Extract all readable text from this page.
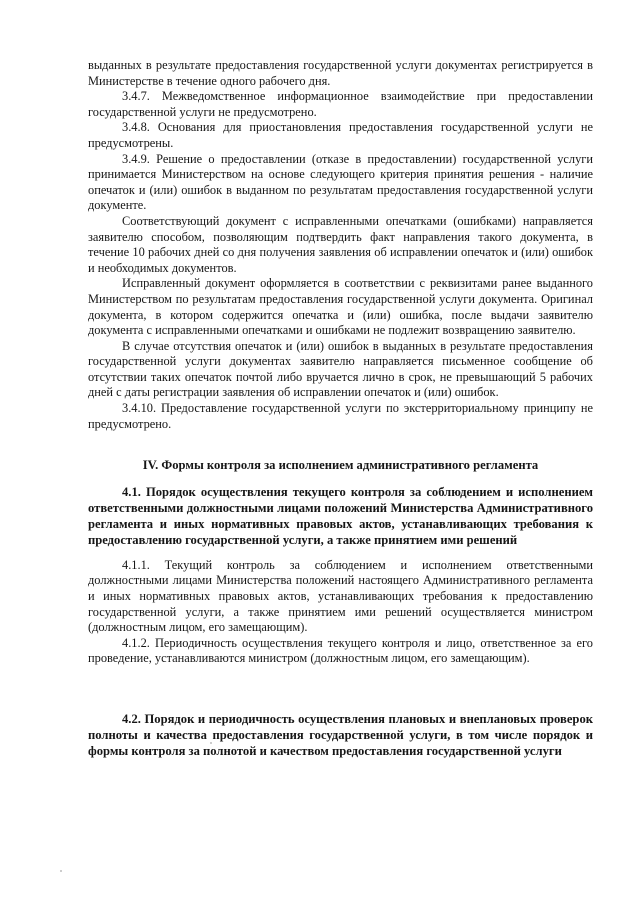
выданных в результате предоставления государственной услуги документах регистрируется в Министерстве в течение одного рабочего дня.

3.4.7. Межведомственное информационное взаимодействие при предоставлении государственной услуги не предусмотрено.

3.4.8. Основания для приостановления предоставления государственной услуги не предусмотрены.

3.4.9. Решение о предоставлении (отказе в предоставлении) государственной услуги принимается Министерством на основе следующего критерия принятия решения - наличие опечаток и (или) ошибок в выданном по результатам предоставления государственной услуги документе.

Соответствующий документ с исправленными опечатками (ошибками) направляется заявителю способом, позволяющим подтвердить факт направления такого документа, в течение 10 рабочих дней со дня получения заявления об исправлении опечаток и (или) ошибок и необходимых документов.

Исправленный документ оформляется в соответствии с реквизитами ранее выданного Министерством по результатам предоставления государственной услуги документа. Оригинал документа, в котором содержится опечатка и (или) ошибка, после выдачи заявителю документа с исправленными опечатками и ошибками не подлежит возвращению заявителю.

В случае отсутствия опечаток и (или) ошибок в выданных в результате предоставления государственной услуги документах заявителю направляется письменное сообщение об отсутствии таких опечаток почтой либо вручается лично в срок, не превышающий 5 рабочих дней с даты регистрации заявления об исправлении опечаток и (или) ошибок.

3.4.10. Предоставление государственной услуги по экстерриториальному принципу не предусмотрено.

IV. Формы контроля за исполнением административного регламента

4.1. Порядок осуществления текущего контроля за соблюдением и исполнением ответственными должностными лицами положений Министерства Административного регламента и иных нормативных правовых актов, устанавливающих требования к предоставлению государственной услуги, а также принятием ими решений

4.1.1. Текущий контроль за соблюдением и исполнением ответственными должностными лицами Министерства положений настоящего Административного регламента и иных нормативных правовых актов, устанавливающих требования к предоставлению государственной услуги, а также принятием ими решений осуществляется министром (должностным лицом, его замещающим).

4.1.2. Периодичность осуществления текущего контроля и лицо, ответственное за его проведение, устанавливаются министром (должностным лицом, его замещающим).

4.2. Порядок и периодичность осуществления плановых и внеплановых проверок полноты и качества предоставления государственной услуги, в том числе порядок и формы контроля за полнотой и качеством предоставления государственной услуги
